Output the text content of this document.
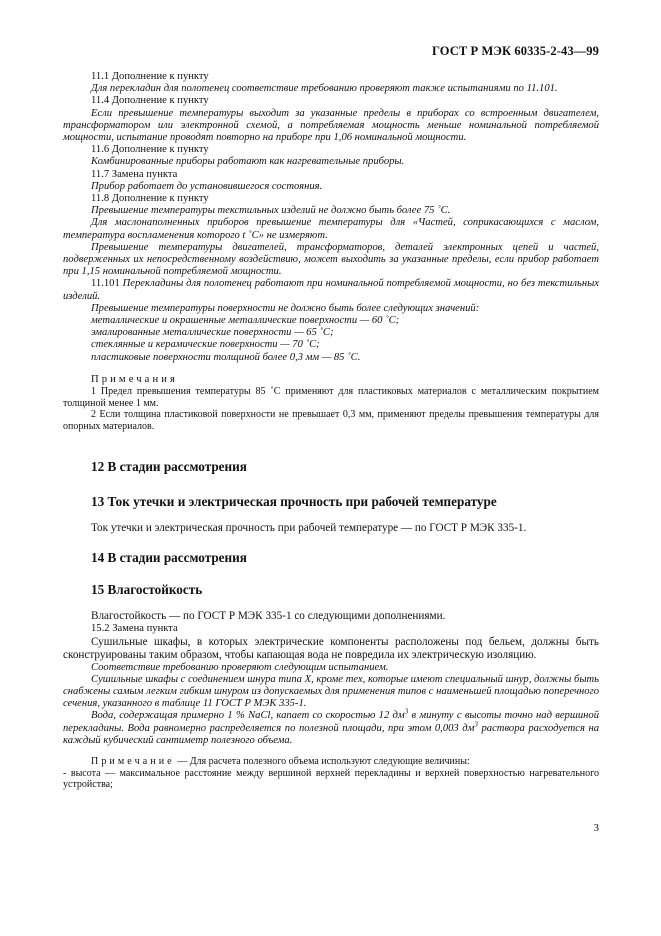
ГОСТ Р МЭК 60335-2-43—99

11.1 Дополнение к пункту

Для перекладин для полотенец соответствие требованию проверяют также испытаниями по 11.101.

11.4 Дополнение к пункту

Если превышение температуры выходит за указанные пределы в приборах со встроенным двигателем, трансформатором или электронной схемой, а потребляемая мощность меньше номинальной потребляемой мощности, испытание проводят повторно на приборе при 1,06 номинальной мощности.

11.6 Дополнение к пункту

Комбинированные приборы работают как нагревательные приборы.

11.7 Замена пункта

Прибор работает до установившегося состояния.

11.8 Дополнение к пункту

Превышение температуры текстильных изделий не должно быть более 75 ˚С.

Для маслонаполненных приборов превышение температуры для «Частей, соприкасающихся с маслом, температура воспламенения которого t ˚С» не измеряют.

Превышение температуры двигателей, трансформаторов, деталей электронных цепей и частей, подверженных их непосредственному воздействию, может выходить за указанные пределы, если прибор работает при 1,15 номинальной потребляемой мощности.

11.101 Перекладины для полотенец работают при номинальной потребляемой мощности, но без текстильных изделий.

Превышение температуры поверхности не должно быть более следующих значений:

металлические и окрашенные металлические поверхности — 60 ˚С;

эмалированные металлические поверхности — 65 ˚С;

стеклянные и керамические поверхности — 70 ˚С;

пластиковые поверхности толщиной более 0,3 мм — 85 ˚С.

Примечания

1 Предел превышения температуры 85 ˚С применяют для пластиковых материалов с металлическим покрытием толщиной менее 1 мм.

2 Если толщина пластиковой поверхности не превышает 0,3 мм, применяют пределы превышения температуры для опорных материалов.

12 В стадии рассмотрения
13 Ток утечки и электрическая прочность при рабочей температуре

Ток утечки и электрическая прочность при рабочей температуре — по ГОСТ Р МЭК 335-1.

14 В стадии рассмотрения
15 Влагостойкость

Влагостойкость — по ГОСТ Р МЭК 335-1 со следующими дополнениями.

15.2 Замена пункта

Сушильные шкафы, в которых электрические компоненты расположены под бельем, должны быть сконструированы таким образом, чтобы капающая вода не повредила их электрическую изоляцию.

Соответствие требованию проверяют следующим испытанием.

Сушильные шкафы с соединением шнура типа X, кроме тех, которые имеют специальный шнур, должны быть снабжены самым легким гибким шнуром из допускаемых для применения типов с наименьшей площадью поперечного сечения, указанного в таблице 11 ГОСТ Р МЭК 335-1.

Вода, содержащая примерно 1 % NaCl, капает со скоростью 12 $дм^3$ в минуту с высоты точно над вершиной перекладины. Вода равномерно распределяется по полезной площади, при этом 0,003 $дм^3$ раствора расходуется на каждый кубический сантиметр полезного объема.

Примечание — Для расчета полезного объема используют следующие величины:

- высота — максимальное расстояние между вершиной верхней перекладины и верхней поверхностью нагревательного устройства;

3
